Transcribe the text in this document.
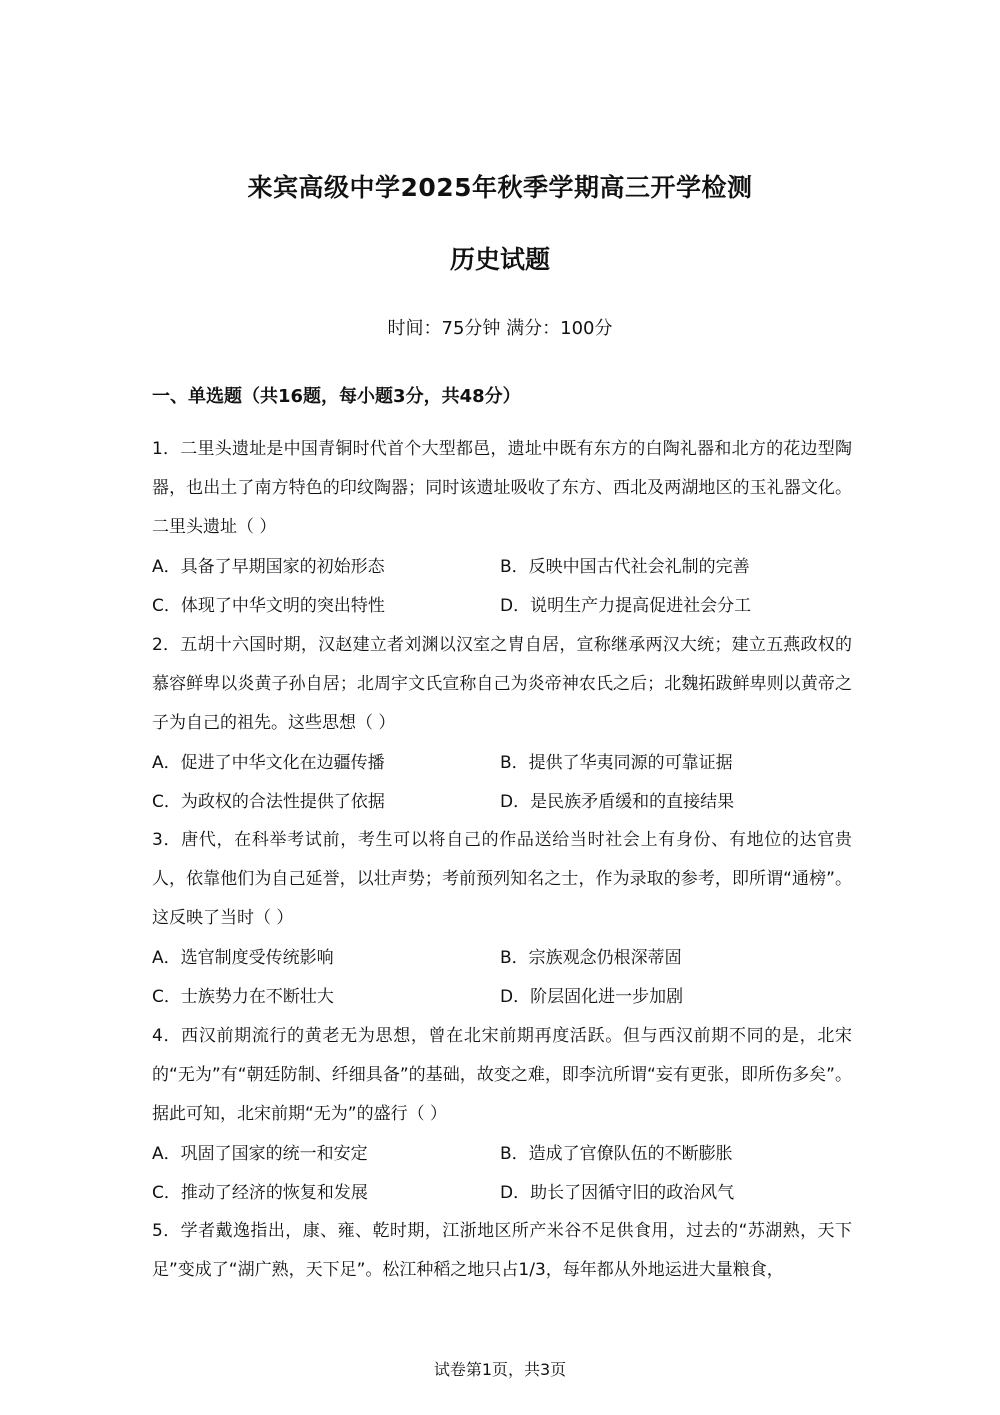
来宾高级中学2025年秋季学期高三开学检测
历史试题
时间：75分钟 满分：100分
一、单选题（共16题，每小题3分，共48分）
1．二里头遗址是中国青铜时代首个大型都邑，遗址中既有东方的白陶礼器和北方的花边型陶器，也出土了南方特色的印纹陶器；同时该遗址吸收了东方、西北及两湖地区的玉礼器文化。二里头遗址（ ）
A．具备了早期国家的初始形态	B．反映中国古代社会礼制的完善
C．体现了中华文明的突出特性	D．说明生产力提高促进社会分工
2．五胡十六国时期，汉赵建立者刘渊以汉室之胄自居，宣称继承两汉大统；建立五燕政权的慕容鲜卑以炎黄子孙自居；北周宇文氏宣称自己为炎帝神农氏之后；北魏拓跋鲜卑则以黄帝之子为自己的祖先。这些思想（ ）
A．促进了中华文化在边疆传播	B．提供了华夷同源的可靠证据
C．为政权的合法性提供了依据	D．是民族矛盾缓和的直接结果
3．唐代，在科举考试前，考生可以将自己的作品送给当时社会上有身份、有地位的达官贵人，依靠他们为自己延誉，以壮声势；考前预列知名之士，作为录取的参考，即所谓“通榜”。这反映了当时（ ）
A．选官制度受传统影响	B．宗族观念仍根深蒂固
C．士族势力在不断壮大	D．阶层固化进一步加剧
4．西汉前期流行的黄老无为思想，曾在北宋前期再度活跃。但与西汉前期不同的是，北宋的“无为”有“朝廷防制、纤细具备”的基础，故变之难，即李沆所谓“妄有更张，即所伤多矣”。据此可知，北宋前期“无为”的盛行（ ）
A．巩固了国家的统一和安定	B．造成了官僚队伍的不断膨胀
C．推动了经济的恢复和发展	D．助长了因循守旧的政治风气
5．学者戴逸指出，康、雍、乾时期，江浙地区所产米谷不足供食用，过去的“苏湖熟，天下足”变成了“湖广熟，天下足”。松江种稻之地只占1/3，每年都从外地运进大量粮食，
试卷第1页，共3页
